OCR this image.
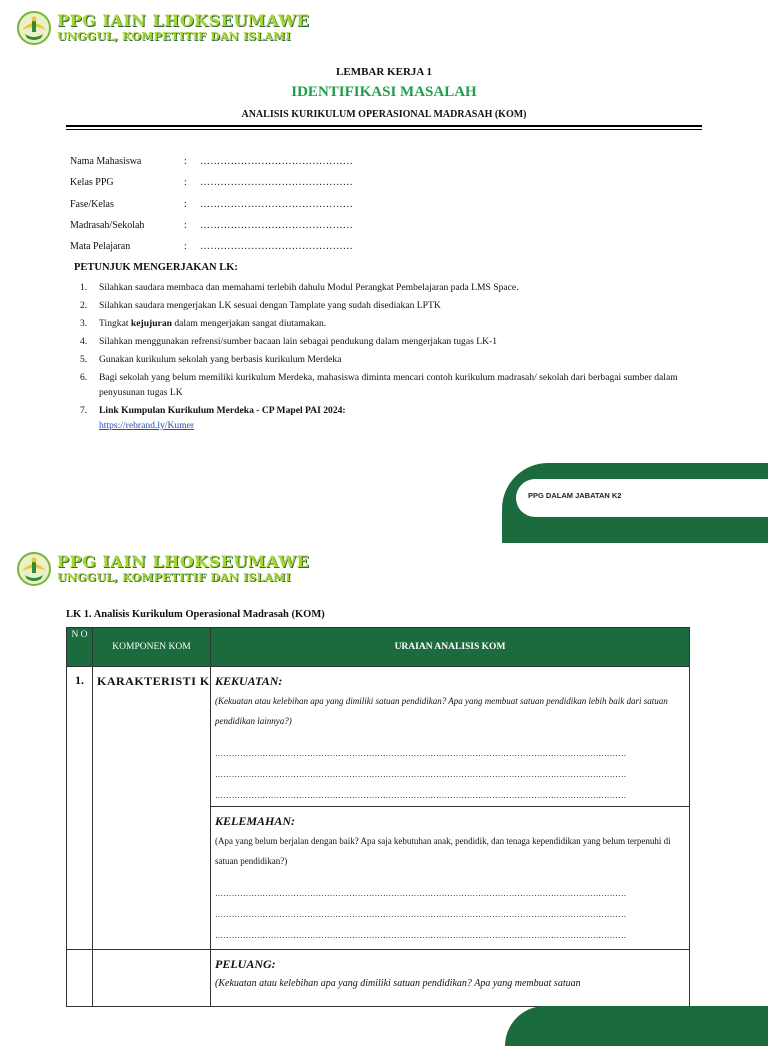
PPG IAIN LHOKSEUMAWE
UNGGUL, KOMPETITIF DAN ISLAMI
LEMBAR KERJA 1
IDENTIFIKASI MASALAH
ANALISIS KURIKULUM OPERASIONAL MADRASAH (KOM)
Nama Mahasiswa	:	………………………………………
Kelas PPG	:	………………………………………
Fase/Kelas	:	………………………………………
Madrasah/Sekolah	:	………………………………………
Mata Pelajaran	:	………………………………………
PETUNJUK MENGERJAKAN LK:
1.	Silahkan saudara membaca dan memahami terlebih dahulu Modul Perangkat Pembelajaran pada LMS Space.
2.	Silahkan saudara mengerjakan LK sesuai dengan Tamplate yang sudah disediakan LPTK
3.	Tingkat kejujuran dalam mengerjakan sangat diutamakan.
4.	Silahkan menggunakan refrensi/sumber bacaan lain sebagai pendukung dalam mengerjakan tugas LK-1
5.	Gunakan kurikulum sekolah yang berbasis kurikulum Merdeka
6.	Bagi sekolah yang belum memiliki kurikulum Merdeka, mahasiswa diminta mencari contoh kurikulum madrasah/ sekolah dari berbagai sumber dalam penyusunan tugas LK
7.	Link Kumpulan Kurikulum Merdeka - CP Mapel PAI 2024:
https://rebrand.ly/Kumer
PPG DALAM JABATAN K2
PPG IAIN LHOKSEUMAWE
UNGGUL, KOMPETITIF DAN ISLAMI
LK 1. Analisis Kurikulum Operasional Madrasah (KOM)
N O	KOMPONEN KOM	URAIAN ANALISIS KOM
1.	KARAKTERISTI K	KEKUATAN:
(Kekuatan atau kelebihan apa yang dimiliki satuan pendidikan? Apa yang membuat satuan pendidikan lebih baik dari satuan pendidikan lainnya?)
…………………………………………………………………………………………………………………………………
…………………………………………………………………………………………………………………………………
…………………………………………………………………………………………………………………………………

		KELEMAHAN:
(Apa yang belum berjalan dengan baik? Apa saja kebutuhan anak, pendidik, dan tenaga kependidikan yang belum terpenuhi di satuan pendidikan?)
…………………………………………………………………………………………………………………………………
…………………………………………………………………………………………………………………………………
…………………………………………………………………………………………………………………………………

		PELUANG:
(Kekuatan atau kelebihan apa yang dimiliki satuan pendidikan? Apa yang membuat satuan
